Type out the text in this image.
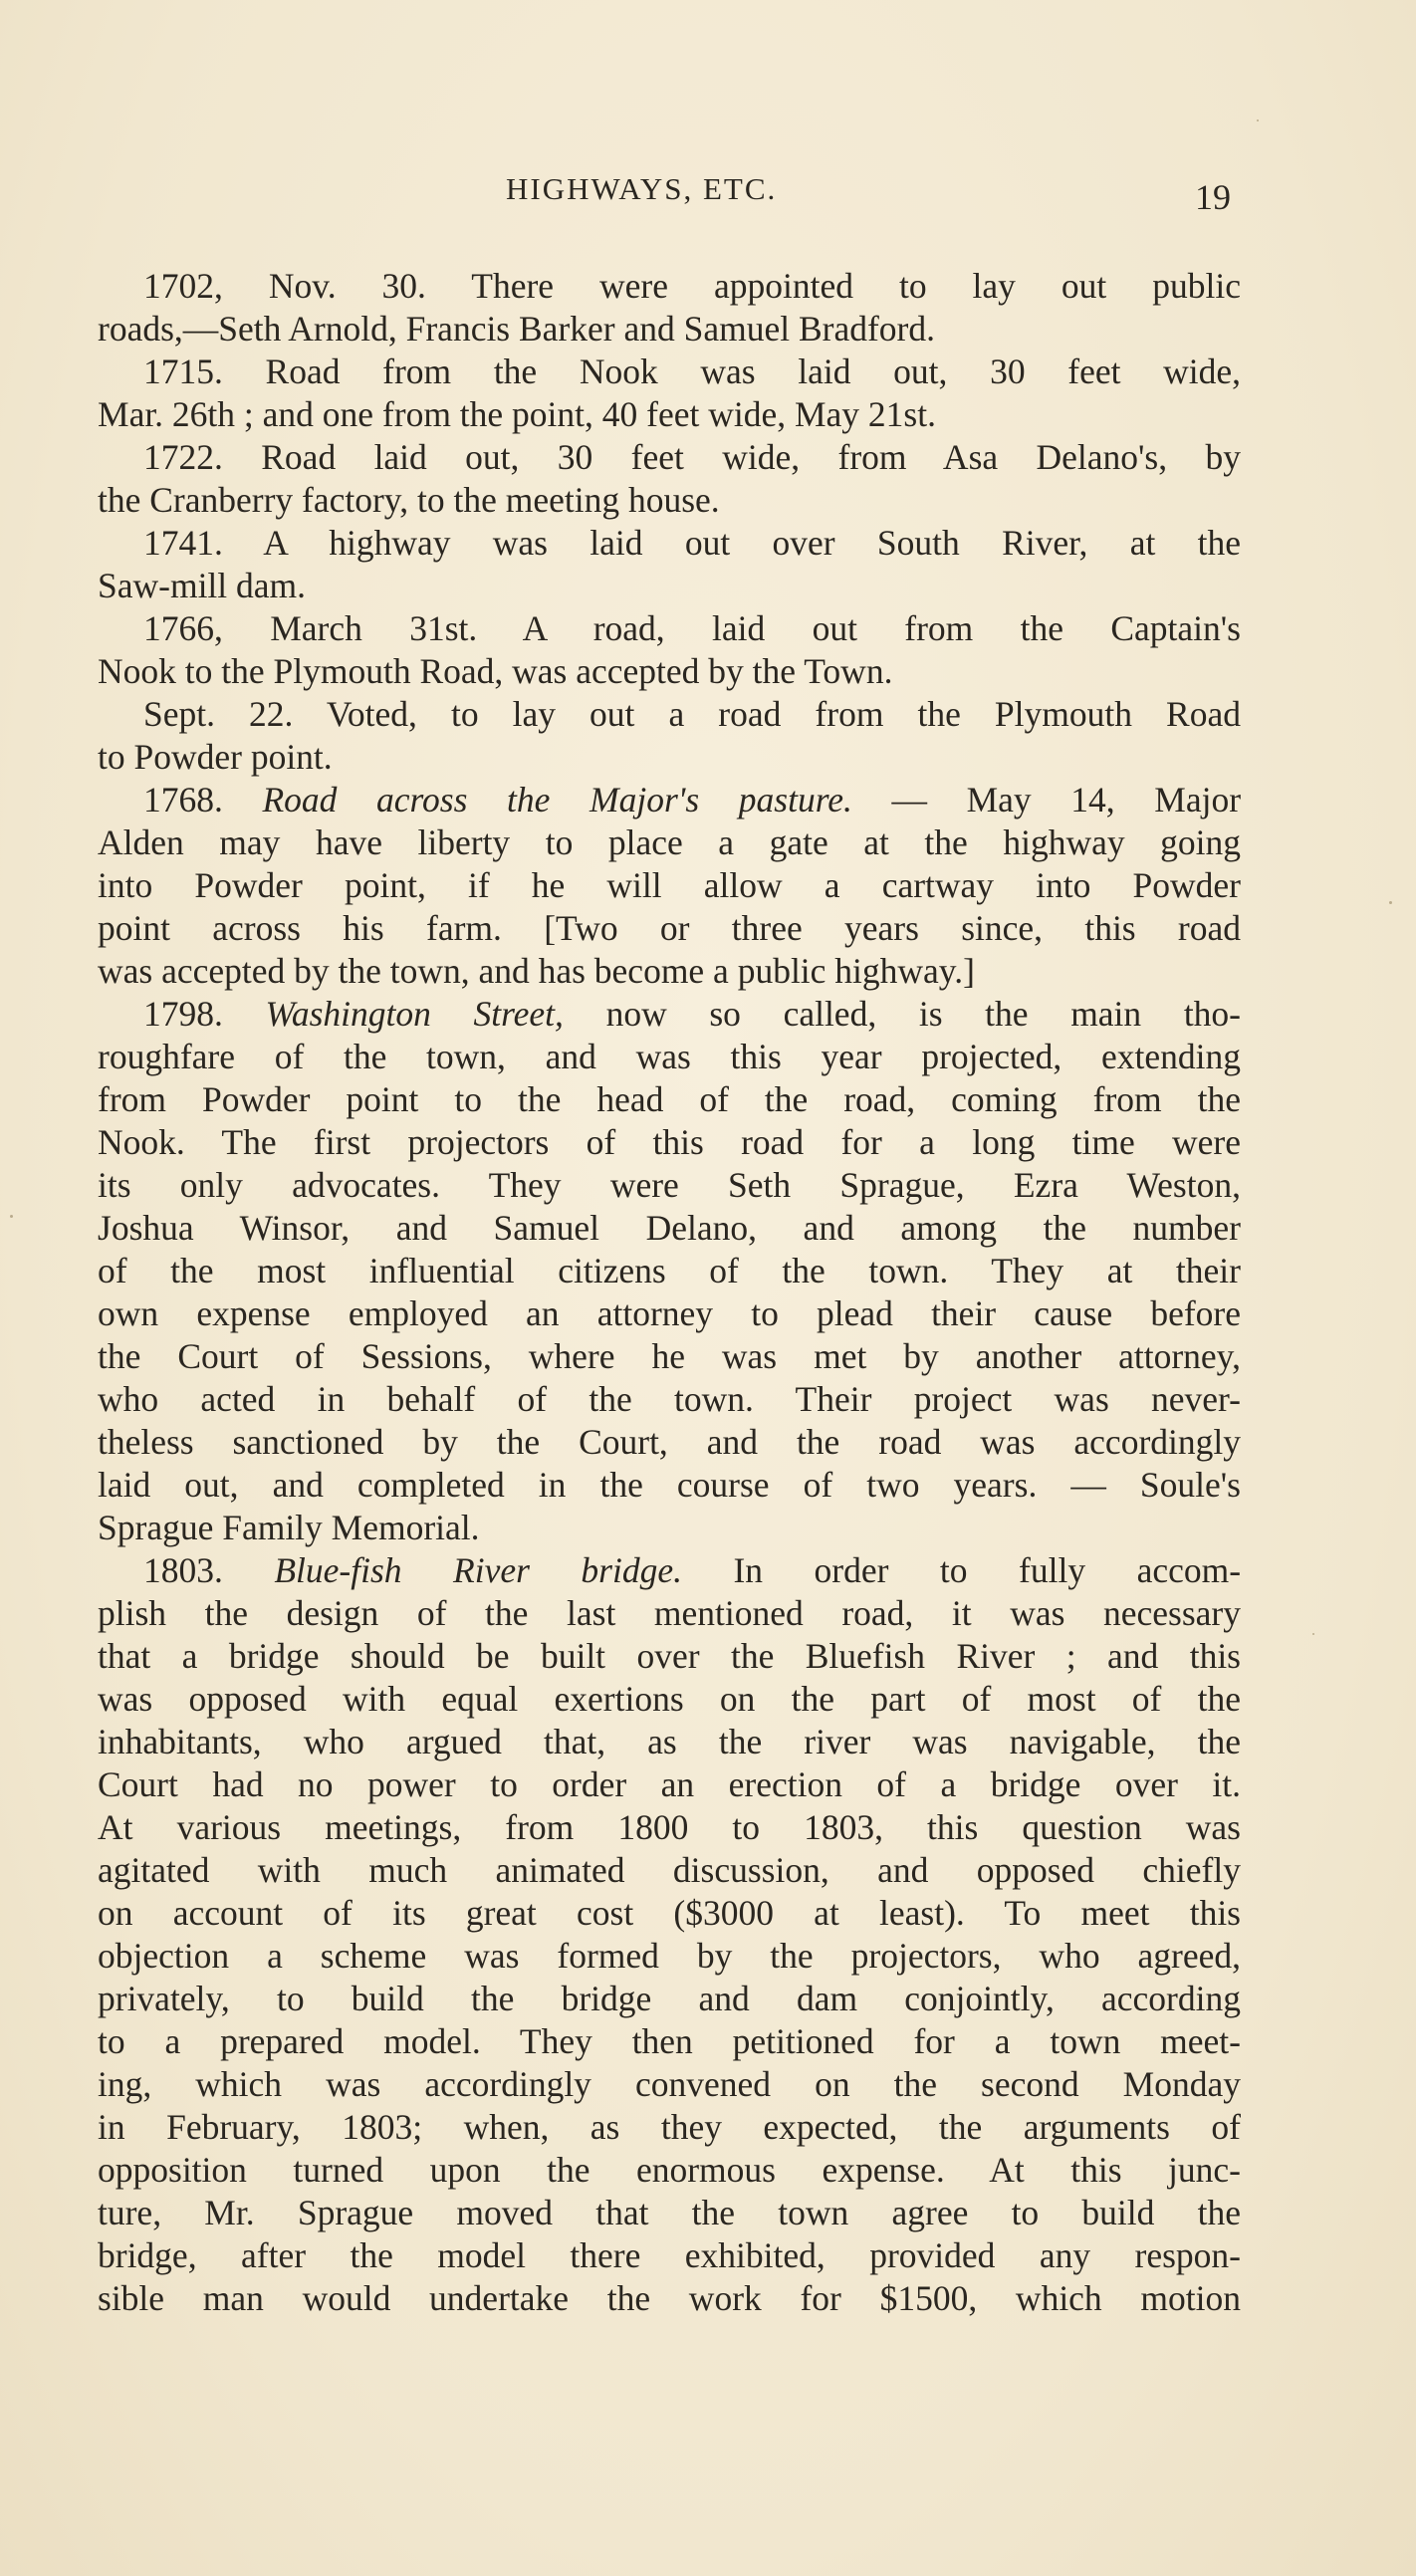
HIGHWAYS, ETC.	19
1702, Nov. 30. There were appointed to lay out public
roads,—Seth Arnold, Francis Barker and Samuel Bradford.
1715. Road from the Nook was laid out, 30 feet wide,
Mar. 26th ; and one from the point, 40 feet wide, May 21st.
1722. Road laid out, 30 feet wide, from Asa Delano's, by
the Cranberry factory, to the meeting house.
1741. A highway was laid out over South River, at the
Saw-mill dam.
1766, March 31st. A road, laid out from the Captain's
Nook to the Plymouth Road, was accepted by the Town.
Sept. 22. Voted, to lay out a road from the Plymouth Road
to Powder point.
1768. Road across the Major's pasture. — May 14, Major
Alden may have liberty to place a gate at the highway going
into Powder point, if he will allow a cartway into Powder
point across his farm. [Two or three years since, this road
was accepted by the town, and has become a public highway.]
1798. Washington Street, now so called, is the main tho-
roughfare of the town, and was this year projected, extending
from Powder point to the head of the road, coming from the
Nook. The first projectors of this road for a long time were
its only advocates. They were Seth Sprague, Ezra Weston,
Joshua Winsor, and Samuel Delano, and among the number
of the most influential citizens of the town. They at their
own expense employed an attorney to plead their cause before
the Court of Sessions, where he was met by another attorney,
who acted in behalf of the town. Their project was never-
theless sanctioned by the Court, and the road was accordingly
laid out, and completed in the course of two years. — Soule's
Sprague Family Memorial.
1803. Blue-fish River bridge. In order to fully accom-
plish the design of the last mentioned road, it was necessary
that a bridge should be built over the Bluefish River ; and this
was opposed with equal exertions on the part of most of the
inhabitants, who argued that, as the river was navigable, the
Court had no power to order an erection of a bridge over it.
At various meetings, from 1800 to 1803, this question was
agitated with much animated discussion, and opposed chiefly
on account of its great cost ($3000 at least). To meet this
objection a scheme was formed by the projectors, who agreed,
privately, to build the bridge and dam conjointly, according
to a prepared model. They then petitioned for a town meet-
ing, which was accordingly convened on the second Monday
in February, 1803; when, as they expected, the arguments of
opposition turned upon the enormous expense. At this junc-
ture, Mr. Sprague moved that the town agree to build the
bridge, after the model there exhibited, provided any respon-
sible man would undertake the work for $1500, which motion
